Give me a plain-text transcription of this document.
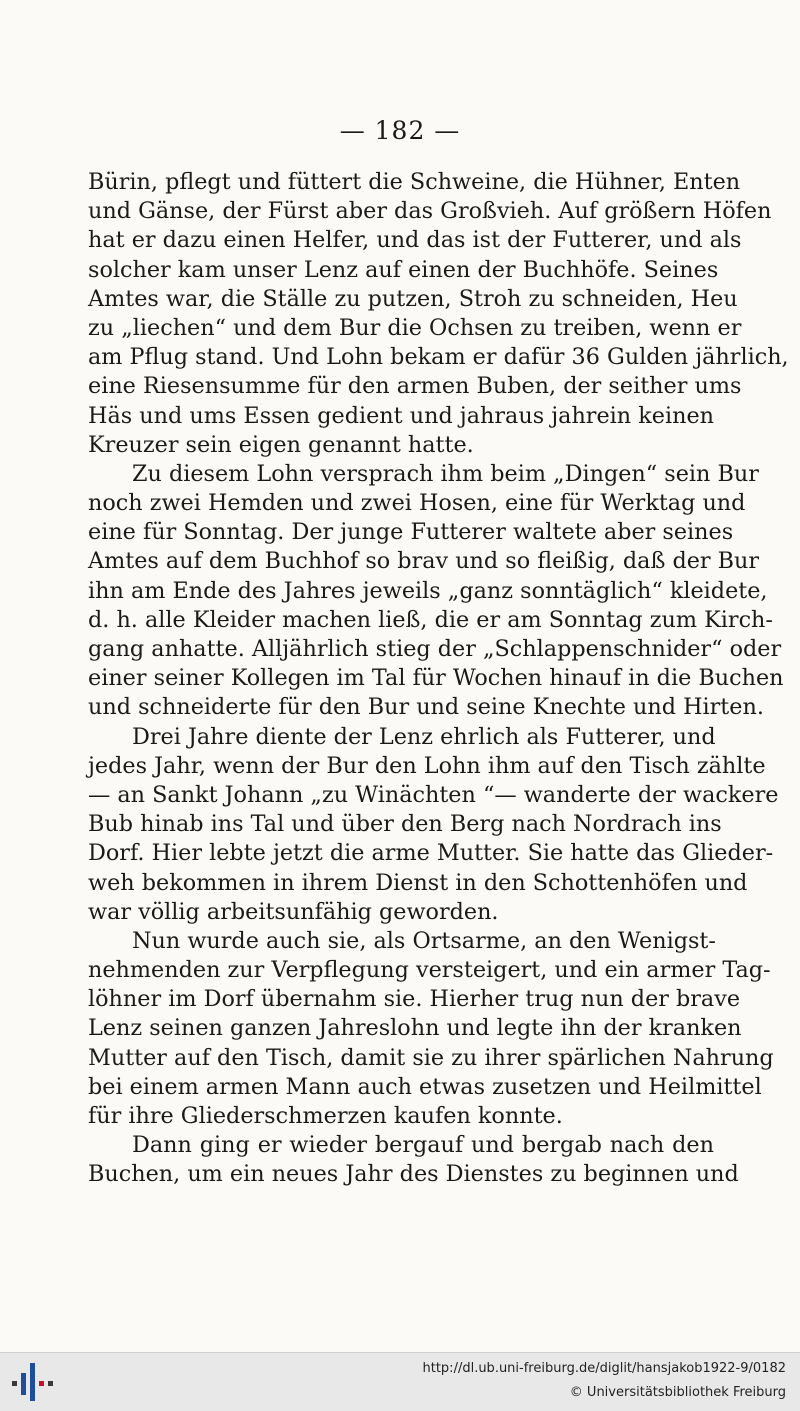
— 182 —
Bürin, pflegt und füttert die Schweine, die Hühner, Enten
und Gänse, der Fürst aber das Großvieh. Auf größern Höfen
hat er dazu einen Helfer, und das ist der Futterer, und als
solcher kam unser Lenz auf einen der Buchhöfe. Seines
Amtes war, die Ställe zu putzen, Stroh zu schneiden, Heu
zu „liechen“ und dem Bur die Ochsen zu treiben, wenn er
am Pflug stand. Und Lohn bekam er dafür 36 Gulden jährlich,
eine Riesensumme für den armen Buben, der seither ums
Häs und ums Essen gedient und jahraus jahrein keinen
Kreuzer sein eigen genannt hatte.
Zu diesem Lohn versprach ihm beim „Dingen“ sein Bur
noch zwei Hemden und zwei Hosen, eine für Werktag und
eine für Sonntag. Der junge Futterer waltete aber seines
Amtes auf dem Buchhof so brav und so fleißig, daß der Bur
ihn am Ende des Jahres jeweils „ganz sonntäglich“ kleidete,
d. h. alle Kleider machen ließ, die er am Sonntag zum Kirch-
gang anhatte. Alljährlich stieg der „Schlappenschnider“ oder
einer seiner Kollegen im Tal für Wochen hinauf in die Buchen
und schneiderte für den Bur und seine Knechte und Hirten.
Drei Jahre diente der Lenz ehrlich als Futterer, und
jedes Jahr, wenn der Bur den Lohn ihm auf den Tisch zählte
— an Sankt Johann „zu Winächten “— wanderte der wackere
Bub hinab ins Tal und über den Berg nach Nordrach ins
Dorf. Hier lebte jetzt die arme Mutter. Sie hatte das Glieder-
weh bekommen in ihrem Dienst in den Schottenhöfen und
war völlig arbeitsunfähig geworden.
Nun wurde auch sie, als Ortsarme, an den Wenigst-
nehmenden zur Verpflegung versteigert, und ein armer Tag-
löhner im Dorf übernahm sie. Hierher trug nun der brave
Lenz seinen ganzen Jahreslohn und legte ihn der kranken
Mutter auf den Tisch, damit sie zu ihrer spärlichen Nahrung
bei einem armen Mann auch etwas zusetzen und Heilmittel
für ihre Gliederschmerzen kaufen konnte.
Dann ging er wieder bergauf und bergab nach den
Buchen, um ein neues Jahr des Dienstes zu beginnen und
http://dl.ub.uni-freiburg.de/diglit/hansjakob1922-9/0182
© Universitätsbibliothek Freiburg
